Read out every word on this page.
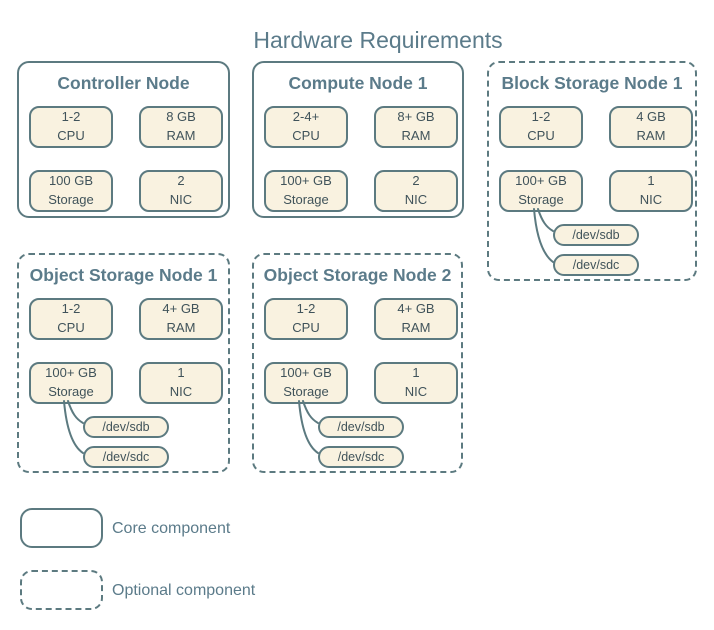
Hardware Requirements
Controller Node
1-2
CPU
8 GB
RAM
100 GB
Storage
2
NIC
Compute Node 1
2-4+
CPU
8+ GB
RAM
100+ GB
Storage
2
NIC
Block Storage Node 1
1-2
CPU
4 GB
RAM
100+ GB
Storage
1
NIC
/dev/sdb
/dev/sdc
Object Storage Node 1
1-2
CPU
4+ GB
RAM
100+ GB
Storage
1
NIC
/dev/sdb
/dev/sdc
Object Storage Node 2
1-2
CPU
4+ GB
RAM
100+ GB
Storage
1
NIC
/dev/sdb
/dev/sdc
Core component
Optional component
